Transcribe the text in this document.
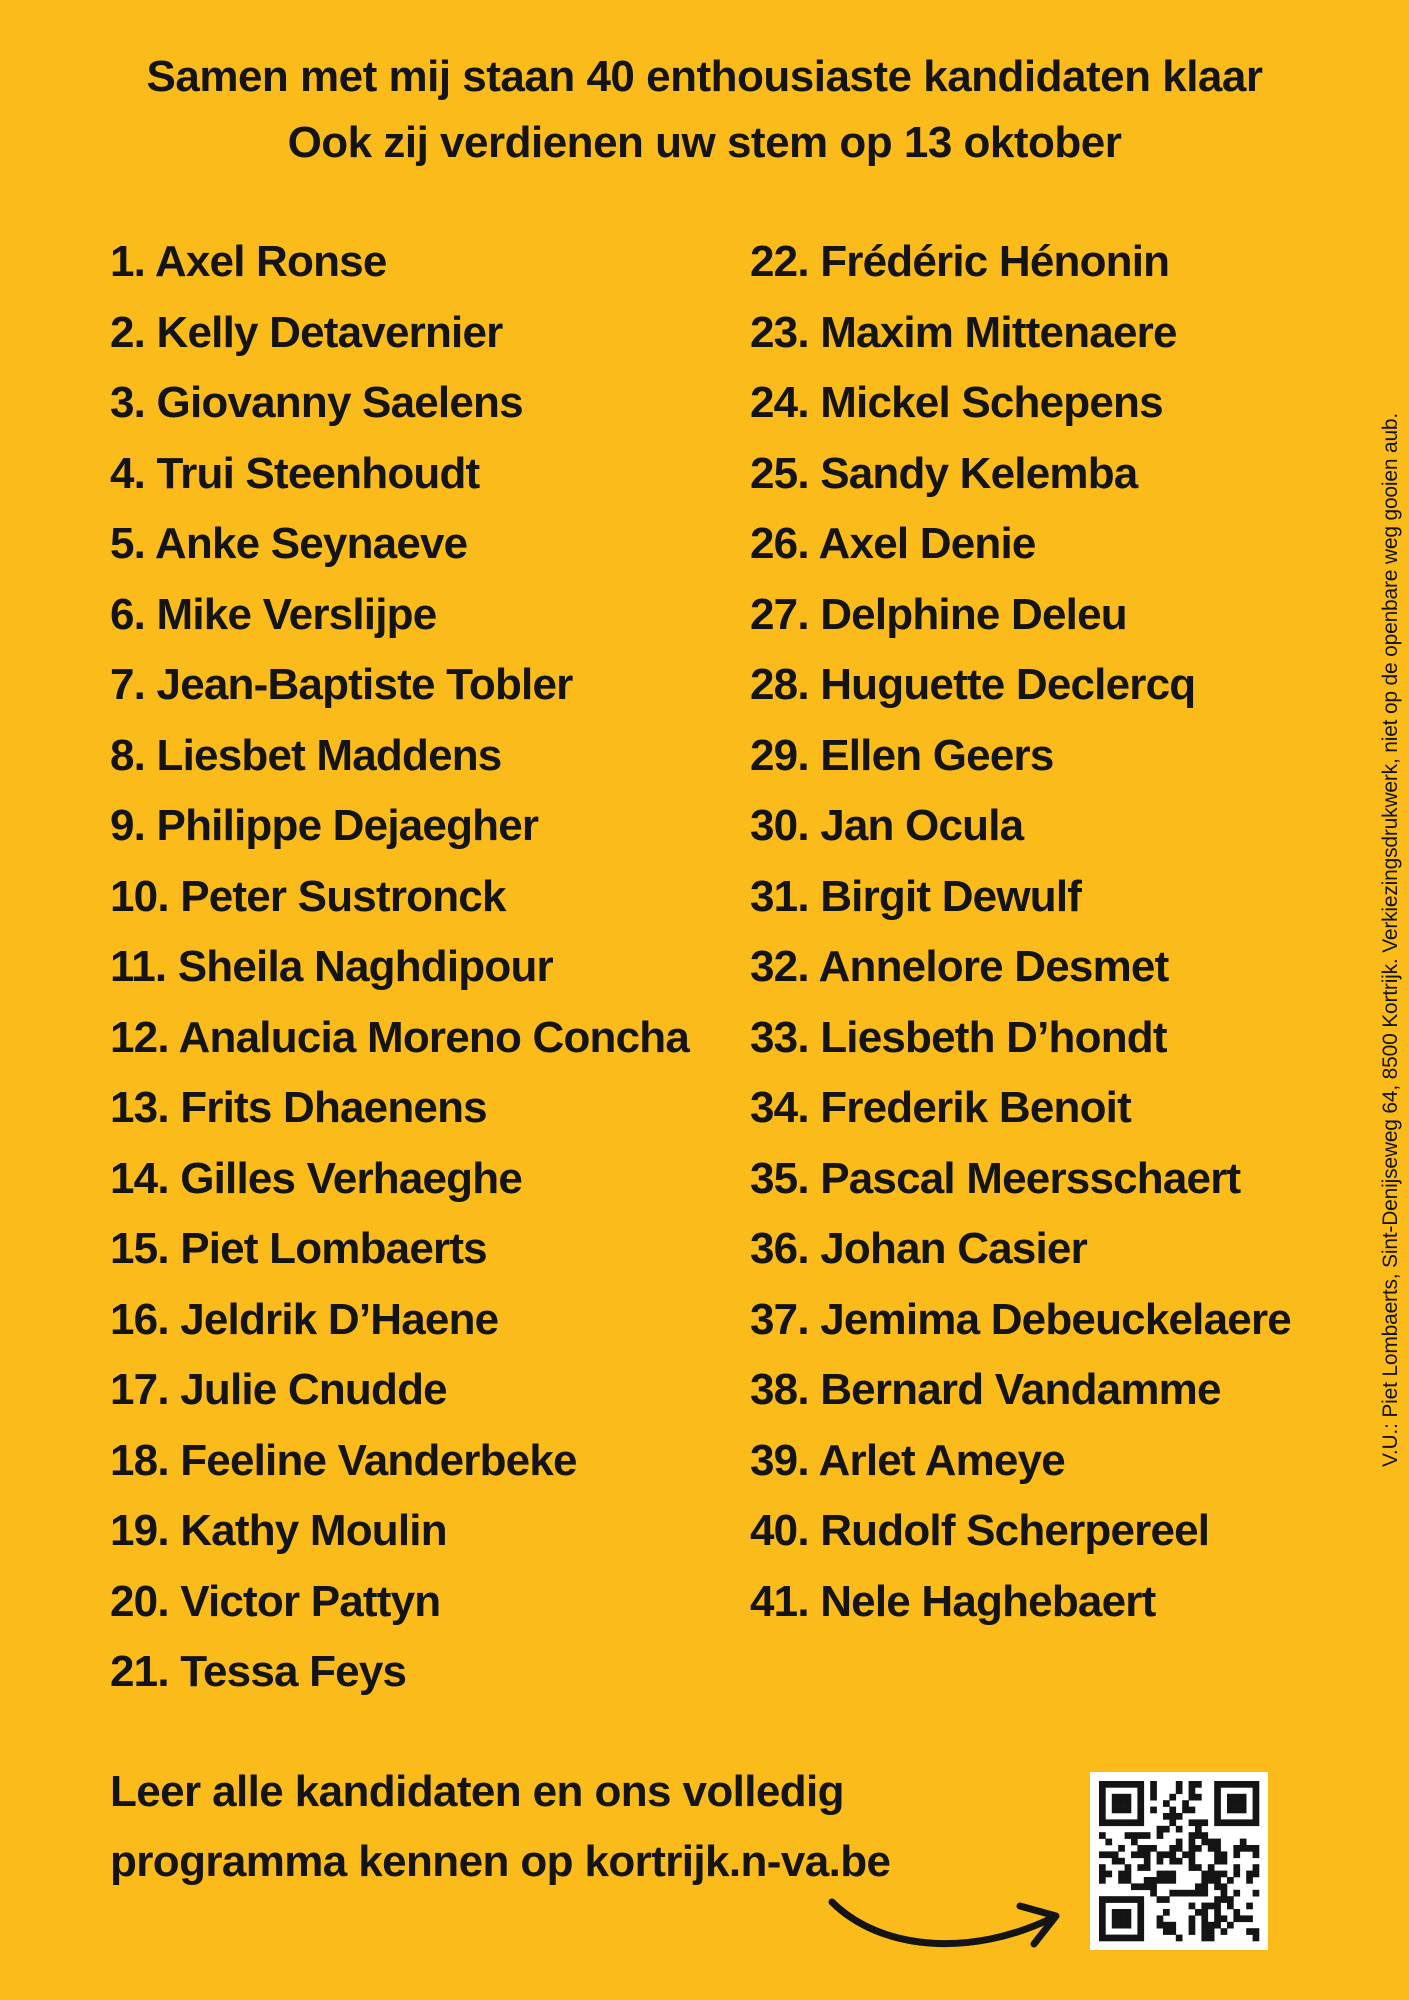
Samen met mij staan 40 enthousiaste kandidaten klaar
Ook zij verdienen uw stem op 13 oktober
1. Axel Ronse
2. Kelly Detavernier
3. Giovanny Saelens
4. Trui Steenhoudt
5. Anke Seynaeve
6. Mike Verslijpe
7. Jean-Baptiste Tobler
8. Liesbet Maddens
9. Philippe Dejaegher
10. Peter Sustronck
11. Sheila Naghdipour
12. Analucia Moreno Concha
13. Frits Dhaenens
14. Gilles Verhaeghe
15. Piet Lombaerts
16. Jeldrik D’Haene
17. Julie Cnudde
18. Feeline Vanderbeke
19. Kathy Moulin
20. Victor Pattyn
21. Tessa Feys
22. Frédéric Hénonin
23. Maxim Mittenaere
24. Mickel Schepens
25. Sandy Kelemba
26. Axel Denie
27. Delphine Deleu
28. Huguette Declercq
29. Ellen Geers
30. Jan Ocula
31. Birgit Dewulf
32. Annelore Desmet
33. Liesbeth D’hondt
34. Frederik Benoit
35. Pascal Meersschaert
36. Johan Casier
37. Jemima Debeuckelaere
38. Bernard Vandamme
39. Arlet Ameye
40. Rudolf Scherpereel
41. Nele Haghebaert
V.U.: Piet Lombaerts, Sint-Denijseweg 64, 8500 Kortrijk. Verkiezingsdrukwerk, niet op de openbare weg gooien aub.
Leer alle kandidaten en ons volledig
programma kennen op kortrijk.n-va.be
